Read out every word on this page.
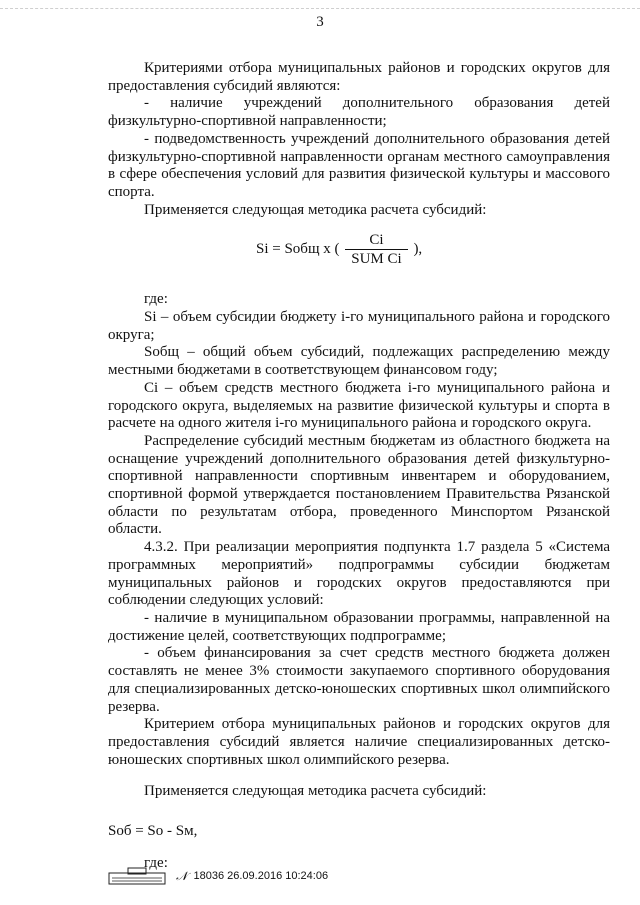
3

Критериями отбора муниципальных районов и городских округов для предоставления субсидий являются:

- наличие учреждений дополнительного образования детей физкультурно-спортивной направленности;

- подведомственность учреждений дополнительного образования детей физкультурно-спортивной направленности органам местного самоуправления в сфере обеспечения условий для развития физической культуры и массового спорта.

Применяется следующая методика расчета субсидий:

Si = Sобщ х ( $\frac{Ci}{\text{SUM Ci}}$ ),

где:

Si – объем субсидии бюджету i-го муниципального района и городского округа;

Sобщ – общий объем субсидий, подлежащих распределению между местными бюджетами в соответствующем финансовом году;

Ci – объем средств местного бюджета i-го муниципального района и городского округа, выделяемых на развитие физической культуры и спорта в расчете на одного жителя i-го муниципального района и городского округа.

Распределение субсидий местным бюджетам из областного бюджета на оснащение учреждений дополнительного образования детей физкультурно-спортивной направленности спортивным инвентарем и оборудованием, спортивной формой утверждается постановлением Правительства Рязанской области по результатам отбора, проведенного Минспортом Рязанской области.

4.3.2. При реализации мероприятия подпункта 1.7 раздела 5 «Система программных мероприятий» подпрограммы субсидии бюджетам муниципальных районов и городских округов предоставляются при соблюдении следующих условий:

- наличие в муниципальном образовании программы, направленной на достижение целей, соответствующих подпрограмме;

- объем финансирования за счет средств местного бюджета должен составлять не менее 3% стоимости закупаемого спортивного оборудования для специализированных детско-юношеских спортивных школ олимпийского резерва.

Критерием отбора муниципальных районов и городских округов для предоставления субсидий является наличие специализированных детско-юношеских спортивных школ олимпийского резерва.

Применяется следующая методика расчета субсидий:

Sоб = Sо - Sм,

где:

𝒩 18036 26.09.2016 10:24:06
